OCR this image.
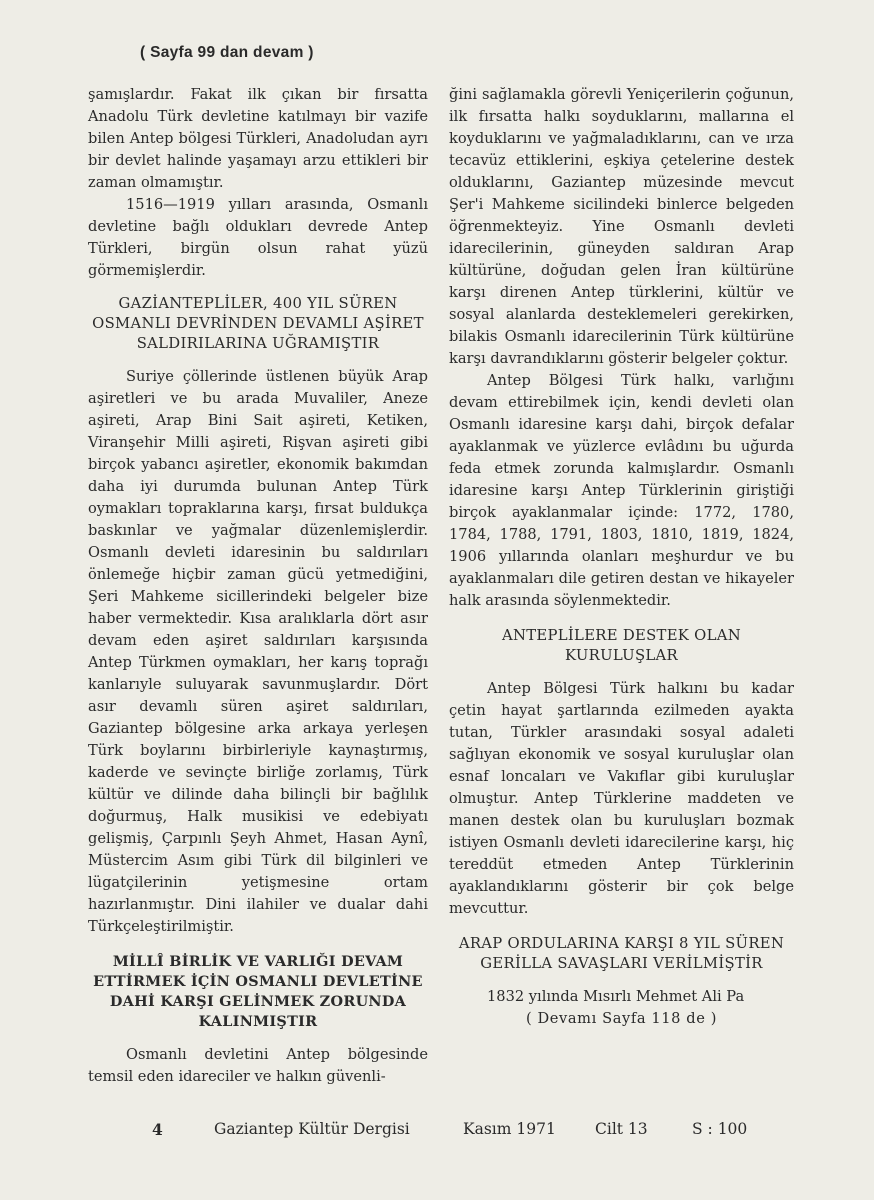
( Sayfa 99 dan devam )

şamışlardır. Fakat ilk çıkan bir fırsatta Anadolu Türk devletine katılmayı bir vazife bilen Antep bölgesi Türkleri, Anadoludan ayrı bir devlet halinde yaşamayı arzu ettikleri bir zaman olmamıştır.

1516—1919 yılları arasında, Osmanlı devletine bağlı oldukları devrede Antep Türkleri, birgün olsun rahat yüzü görmemişlerdir.

GAZİANTEPLİLER, 400 YIL SÜREN OSMANLI DEVRİNDEN DEVAMLI AŞİRET SALDIRILARINA UĞRAMIŞTIR

Suriye çöllerinde üstlenen büyük Arap aşiretleri ve bu arada Muvaliler, Aneze aşireti, Arap Bini Sait aşireti, Ketiken, Viranşehir Milli aşireti, Rişvan aşireti gibi birçok yabancı aşiretler, ekonomik bakımdan daha iyi durumda bulunan Antep Türk oymakları topraklarına karşı, fırsat buldukça baskınlar ve yağmalar düzenlemişlerdir. Osmanlı devleti idaresinin bu saldırıları önlemeğe hiçbir zaman gücü yetmediğini, Şeri Mahkeme sicillerindeki belgeler bize haber vermektedir. Kısa aralıklarla dört asır devam eden aşiret saldırıları karşısında Antep Türkmen oymakları, her karış toprağı kanlarıyle suluyarak savunmuşlardır. Dört asır devamlı süren aşiret saldırıları, Gaziantep bölgesine arka arkaya yerleşen Türk boylarını birbirleriyle kaynaştırmış, kaderde ve sevinçte birliğe zorlamış, Türk kültür ve dilinde daha bilinçli bir bağlılık doğurmuş, Halk musikisi ve edebiyatı gelişmiş, Çarpınlı Şeyh Ahmet, Hasan Aynî, Müstercim Asım gibi Türk dil bilginleri ve lügatçilerinin yetişmesine ortam hazırlanmıştır. Dini ilahiler ve dualar dahi Türkçeleştirilmiştir.

MİLLÎ BİRLİK VE VARLIĞI DEVAM ETTİRMEK İÇİN OSMANLI DEVLETİNE DAHİ KARŞI GELİNMEK ZORUNDA KALINMIŞTIR

Osmanlı devletini Antep bölgesinde temsil eden idareciler ve halkın güvenli-

ğini sağlamakla görevli Yeniçerilerin çoğunun, ilk fırsatta halkı soyduklarını, mallarına el koyduklarını ve yağmaladıklarını, can ve ırza tecavüz ettiklerini, eşkiya çetelerine destek olduklarını, Gaziantep müzesinde mevcut Şer'i Mahkeme sicilindeki binlerce belgeden öğrenmekteyiz. Yine Osmanlı devleti idarecilerinin, güneyden saldıran Arap kültürüne, doğudan gelen İran kültürüne karşı direnen Antep türklerini, kültür ve sosyal alanlarda desteklemeleri gerekirken, bilakis Osmanlı idarecilerinin Türk kültürüne karşı davrandıklarını gösterir belgeler çoktur.

Antep Bölgesi Türk halkı, varlığını devam ettirebilmek için, kendi devleti olan Osmanlı idaresine karşı dahi, birçok defalar ayaklanmak ve yüzlerce evlâdını bu uğurda feda etmek zorunda kalmışlardır. Osmanlı idaresine karşı Antep Türklerinin giriştiği birçok ayaklanmalar içinde: 1772, 1780, 1784, 1788, 1791, 1803, 1810, 1819, 1824, 1906 yıllarında olanları meşhurdur ve bu ayaklanmaları dile getiren destan ve hikayeler halk arasında söylenmektedir.

ANTEPLİLERE DESTEK OLAN KURULUŞLAR

Antep Bölgesi Türk halkını bu kadar çetin hayat şartlarında ezilmeden ayakta tutan, Türkler arasındaki sosyal adaleti sağlıyan ekonomik ve sosyal kuruluşlar olan esnaf loncaları ve Vakıflar gibi kuruluşlar olmuştur. Antep Türklerine maddeten ve manen destek olan bu kuruluşları bozmak istiyen Osmanlı devleti idarecilerine karşı, hiç tereddüt etmeden Antep Türklerinin ayaklandıklarını gösterir bir çok belge mevcuttur.

ARAP ORDULARINA KARŞI 8 YIL SÜREN GERİLLA SAVAŞLARI VERİLMİŞTİR

1832 yılında Mısırlı Mehmet Ali Pa

( Devamı Sayfa 118 de )

4	Gaziantep Kültür Dergisi	Kasım 1971	Cilt 13	S : 100
